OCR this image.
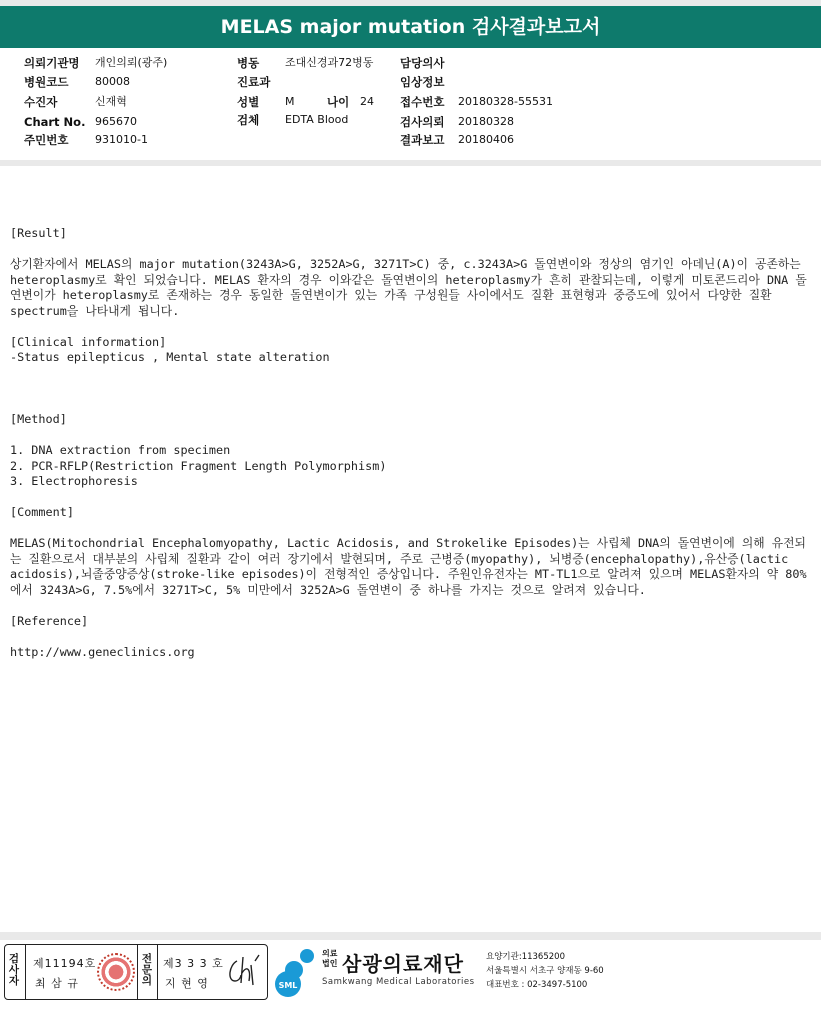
MELAS major mutation 검사결과보고서
의뢰기관명 개인의뢰(광주)
병원코드 80008
수진자	신재혁
Chart No. 965670
주민번호 931010-1
병동 조대신경과72병동
진료과
성별 M	나이 24
검체 EDTA Blood
담당의사
임상정보
접수번호 20180328-55531
검사의뢰 20180328
결과보고 20180406

[Result]

상기환자에서 MELAS의 major mutation(3243A>G, 3252A>G, 3271T>C) 중, c.3243A>G 돌연변이와 정상의 염기인 아데닌(A)이 공존하는 heteroplasmy로 확인 되었습니다. MELAS 환자의 경우 이와같은 돌연변이의 heteroplasmy가 흔히 관찰되는데, 이렇게 미토콘드리아 DNA 돌연변이가 heteroplasmy로 존재하는 경우 동일한 돌연변이가 있는 가족 구성원들 사이에서도 질환 표현형과 중증도에 있어서 다양한 질환 spectrum을 나타내게 됩니다.

[Clinical information]

-Status epilepticus , Mental state alteration

[Method]

1. DNA extraction from specimen

2. PCR-RFLP(Restriction Fragment Length Polymorphism)

3. Electrophoresis

[Comment]

MELAS(Mitochondrial Encephalomyopathy, Lactic Acidosis, and Strokelike Episodes)는 사립체 DNA의 돌연변이에 의해 유전되는 질환으로서 대부분의 사립체 질환과 같이 여러 장기에서 발현되며, 주로 근병증(myopathy), 뇌병증(encephalopathy),유산증(lactic acidosis),뇌졸중양증상(stroke-like episodes)이 전형적인 증상입니다. 주원인유전자는 MT-TL1으로 알려져 있으며 MELAS환자의 약 80%에서 3243A>G, 7.5%에서 3271T>C, 5% 미만에서 3252A>G 돌연변이 중 하나를 가지는 것으로 알려져 있습니다.

[Reference]

http://www.geneclinics.org

검사자
제11194호
최 삼 규
전문의
제3 3 3 호
지 현 영	SML
의료
법인 삼광의료재단
Samkwang Medical Laboratories
요양기관:11365200
서울특별시 서초구 양재동 9-60
대표번호 : 02-3497-5100
